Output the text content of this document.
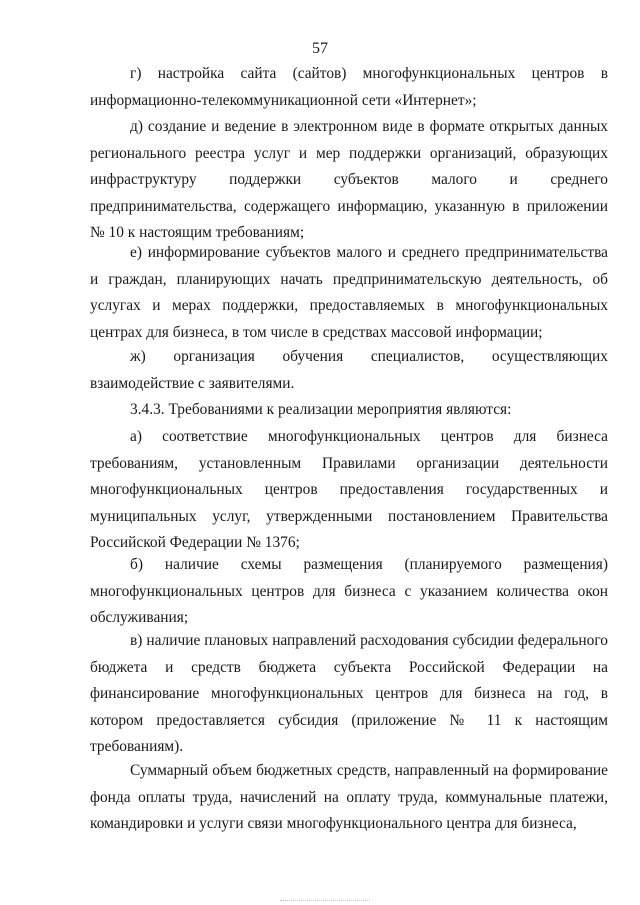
57

г) настройка сайта (сайтов) многофункциональных центров в информационно-телекоммуникационной сети «Интернет»;

д) создание и ведение в электронном виде в формате открытых данных регионального реестра услуг и мер поддержки организаций, образующих инфраструктуру поддержки субъектов малого и среднего предпринимательства, содержащего информацию, указанную в приложении № 10 к настоящим требованиям;

е) информирование субъектов малого и среднего предпринимательства и граждан, планирующих начать предпринимательскую деятельность, об услугах и мерах поддержки, предоставляемых в многофункциональных центрах для бизнеса, в том числе в средствах массовой информации;

ж) организация обучения специалистов, осуществляющих взаимодействие с заявителями.

3.4.3. Требованиями к реализации мероприятия являются:

а) соответствие многофункциональных центров для бизнеса требованиям, установленным Правилами организации деятельности многофункциональных центров предоставления государственных и муниципальных услуг, утвержденными постановлением Правительства Российской Федерации № 1376;

б) наличие схемы размещения (планируемого размещения) многофункциональных центров для бизнеса с указанием количества окон обслуживания;

в) наличие плановых направлений расходования субсидии федерального бюджета и средств бюджета субъекта Российской Федерации на финансирование многофункциональных центров для бизнеса на год, в котором предоставляется субсидия (приложение № 11 к настоящим требованиям).

Суммарный объем бюджетных средств, направленный на формирование фонда оплаты труда, начислений на оплату труда, коммунальные платежи, командировки и услуги связи многофункционального центра для бизнеса,
